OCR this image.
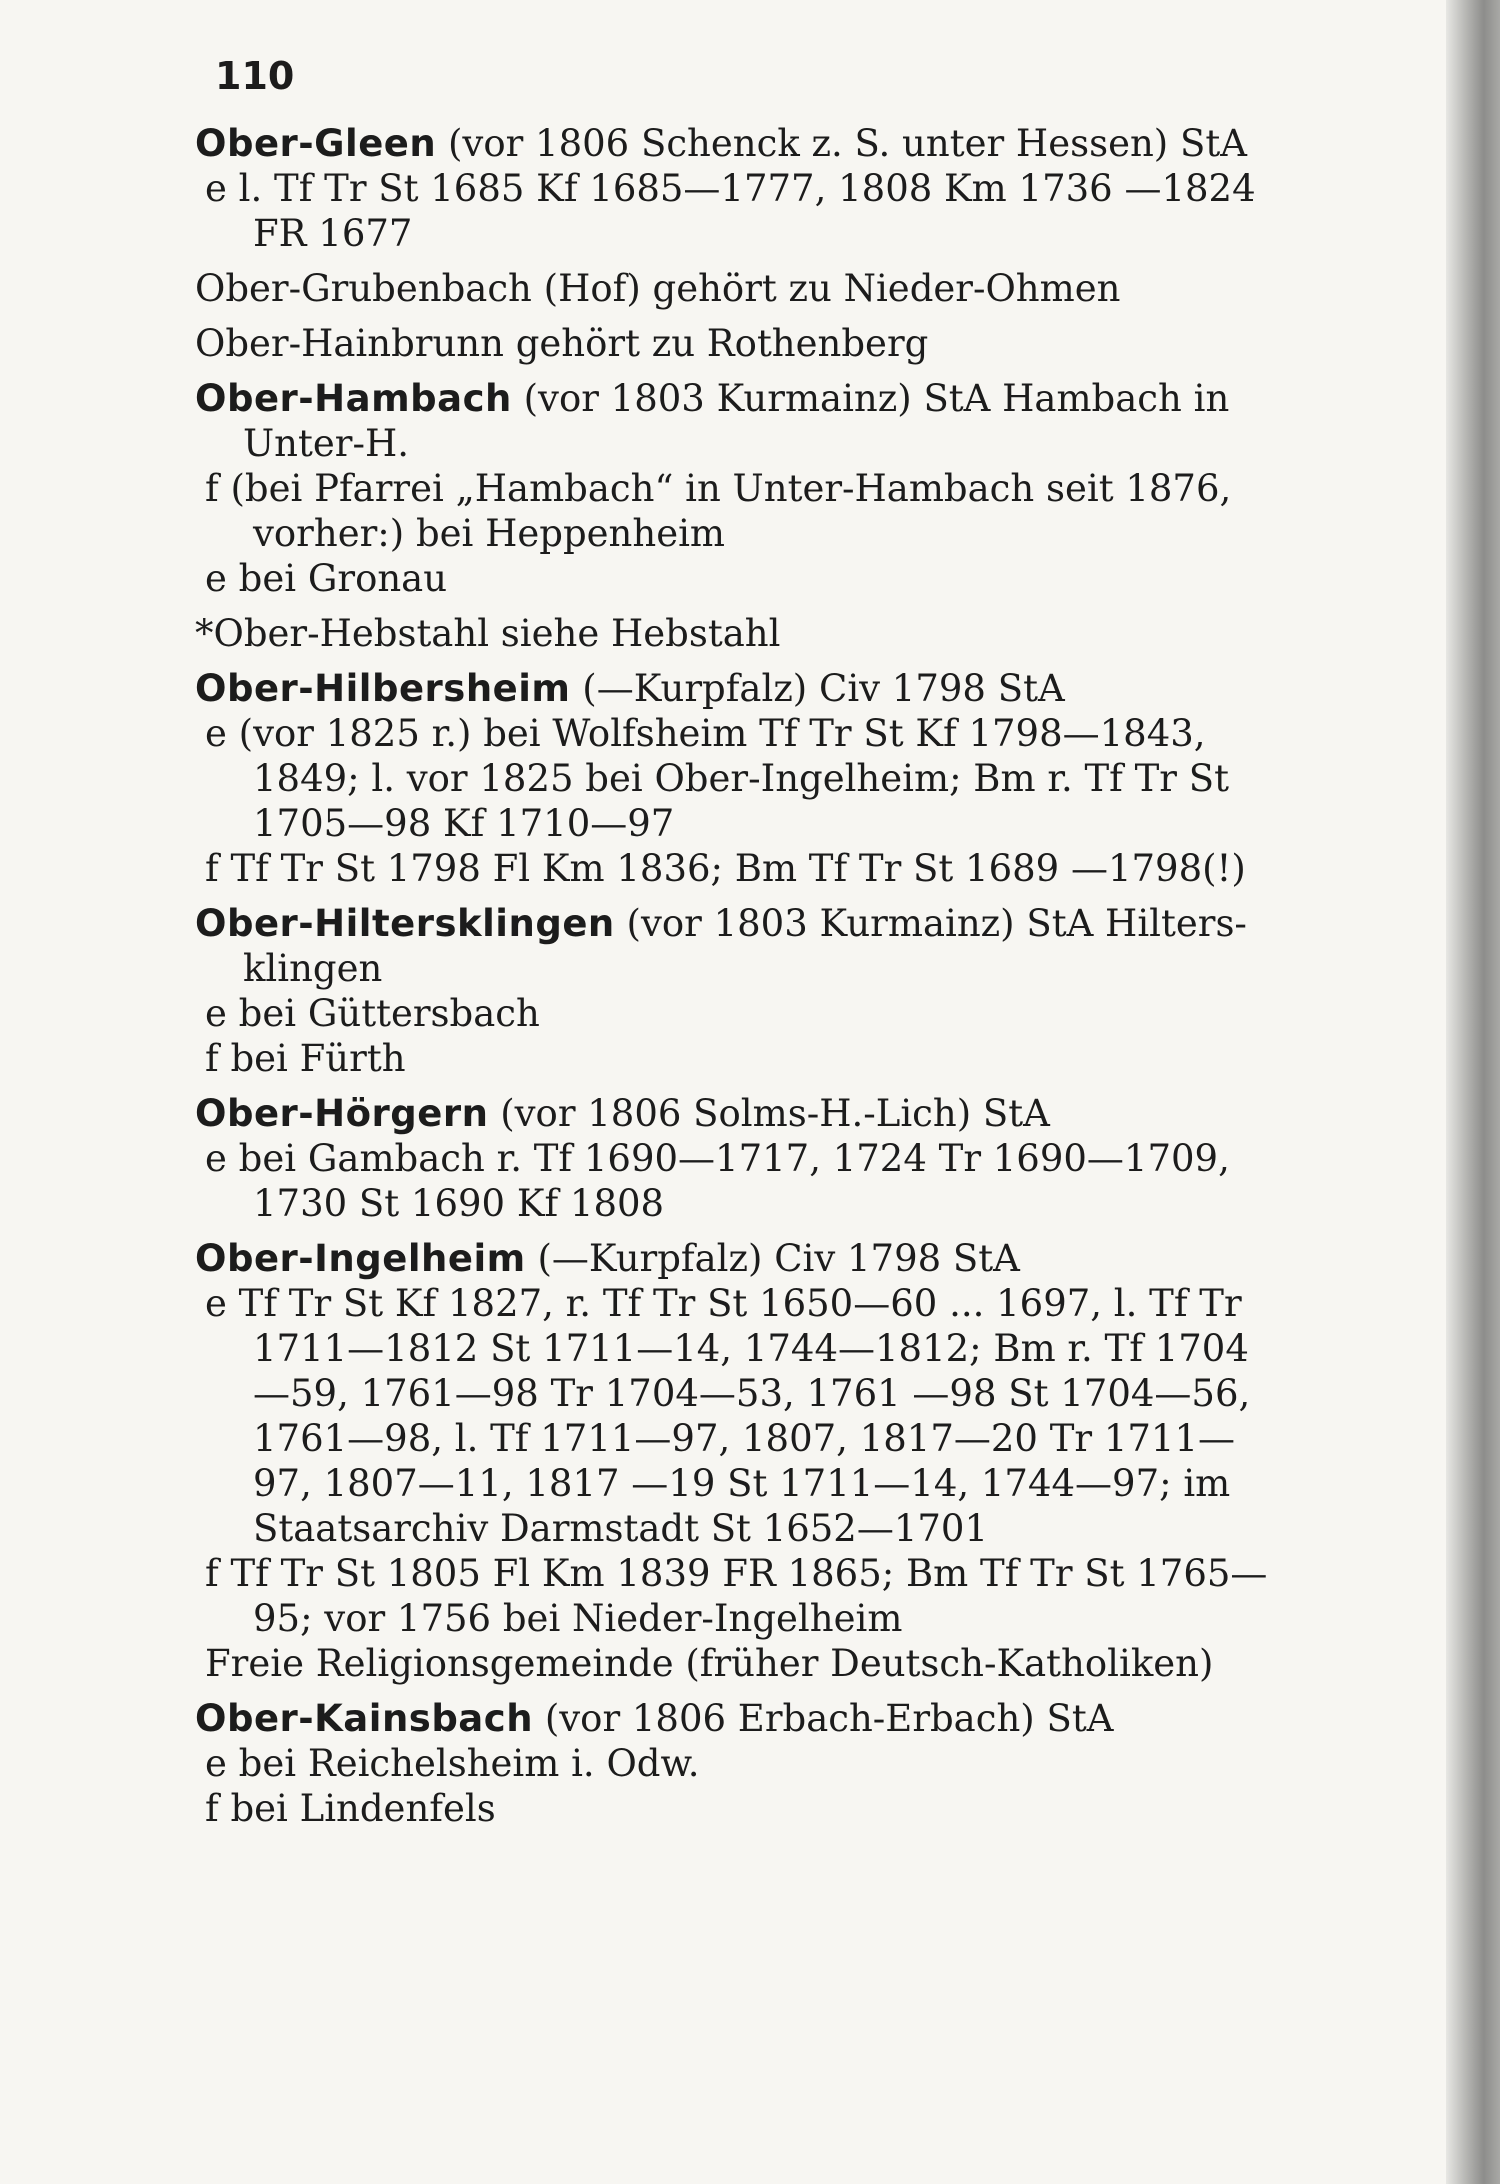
110
Ober-Gleen (vor 1806 Schenck z. S. unter Hessen) StA
e l. Tf Tr St 1685 Kf 1685—1777, 1808 Km 1736 —1824 FR 1677
Ober-Grubenbach (Hof) gehört zu Nieder-Ohmen
Ober-Hainbrunn gehört zu Rothenberg
Ober-Hambach (vor 1803 Kurmainz) StA Hambach in Unter-H.
f (bei Pfarrei „Hambach“ in Unter-Hambach seit 1876, vorher:) bei Heppenheim
e bei Gronau
*Ober-Hebstahl siehe Hebstahl
Ober-Hilbersheim (—Kurpfalz) Civ 1798 StA
e (vor 1825 r.) bei Wolfsheim Tf Tr St Kf 1798—1843, 1849; l. vor 1825 bei Ober-Ingelheim; Bm r. Tf Tr St 1705—98 Kf 1710—97
f Tf Tr St 1798 Fl Km 1836; Bm Tf Tr St 1689 —1798(!)
Ober-Hiltersklingen (vor 1803 Kurmainz) StA Hilters-klingen
e bei Güttersbach
f bei Fürth
Ober-Hörgern (vor 1806 Solms-H.-Lich) StA
e bei Gambach r. Tf 1690—1717, 1724 Tr 1690—1709, 1730 St 1690 Kf 1808
Ober-Ingelheim (—Kurpfalz) Civ 1798 StA
e Tf Tr St Kf 1827, r. Tf Tr St 1650—60 ... 1697, l. Tf Tr 1711—1812 St 1711—14, 1744—1812; Bm r. Tf 1704—59, 1761—98 Tr 1704—53, 1761 —98 St 1704—56, 1761—98, l. Tf 1711—97, 1807, 1817—20 Tr 1711—97, 1807—11, 1817 —19 St 1711—14, 1744—97; im Staatsarchiv Darmstadt St 1652—1701
f Tf Tr St 1805 Fl Km 1839 FR 1865; Bm Tf Tr St 1765—95; vor 1756 bei Nieder-Ingelheim
Freie Religionsgemeinde (früher Deutsch-Katholiken)
Ober-Kainsbach (vor 1806 Erbach-Erbach) StA
e bei Reichelsheim i. Odw.
f bei Lindenfels
